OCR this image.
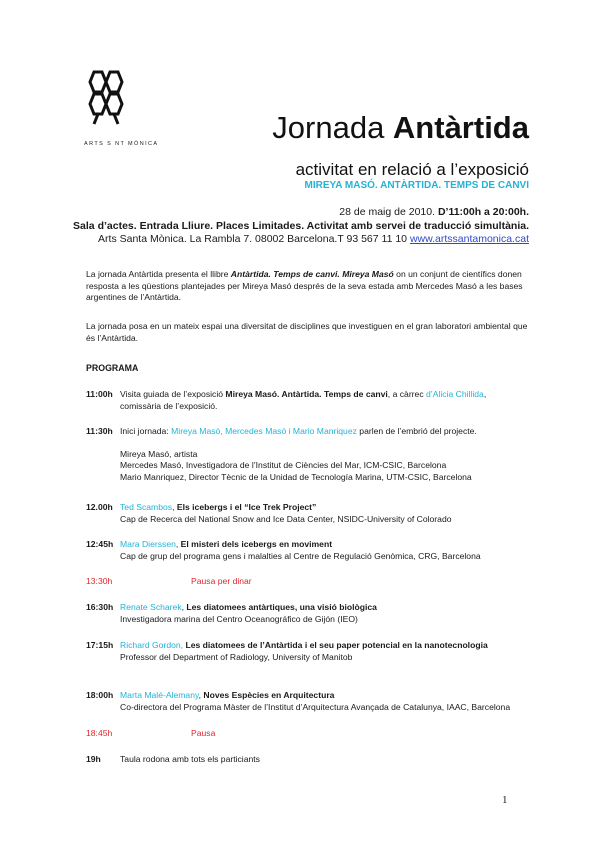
ARTS S NT MÒNICA	Jornada Antàrtida
activitat en relació a l’exposició
MIREYA MASÓ. ANTÀRTIDA. TEMPS DE CANVI
28 de maig de 2010. D’11:00h a 20:00h.
Sala d’actes. Entrada Lliure. Places Limitades. Activitat amb servei de traducció simultània.
Arts Santa Mònica. La Rambla 7. 08002 Barcelona.T 93 567 11 10 www.artssantamonica.cat
La jornada Antàrtida presenta el llibre Antàrtida. Temps de canvi. Mireya Masó on un conjunt de científics donen resposta a les qüestions plantejades per Mireya Masó després de la seva estada amb Mercedes Masó a les bases argentines de l’Antàrtida.
La jornada posa en un mateix espai una diversitat de disciplines que investiguen en el gran laboratori ambiental que és l’Antàrtida.
PROGRAMA
11:00h Visita guiada de l’exposició Mireya Masó. Antàrtida. Temps de canvi, a càrrec d’Alicia Chillida,
comissària de l’exposició.
11:30h Inici jornada: Mireya Masó, Mercedes Masó i Mario Manriquez parlen de l’embrió del projecte.
Mireya Masó, artista
Mercedes Masó, Investigadora de l’Institut de Ciències del Mar, ICM-CSIC, Barcelona
Mario Manriquez, Director Tècnic de la Unidad de Tecnología Marina, UTM-CSIC, Barcelona
12.00h Ted Scambos, Els icebergs i el “Ice Trek Project”
Cap de Recerca del National Snow and Ice Data Center, NSIDC-University of Colorado
12:45h Mara Dierssen, El misteri dels icebergs en moviment
Cap de grup del programa gens i malalties al Centre de Regulació Genòmica, CRG, Barcelona
13:30h	Pausa per dinar
16:30h Renate Scharek, Les diatomees antàrtiques, una visió biològica
Investigadora marina del Centro Oceanográfico de Gijón (IEO)
17:15h Richard Gordon, Les diatomees de l’Antàrtida i el seu paper potencial en la nanotecnologia
Professor del Department of Radiology, University of Manitob
18:00h Marta Malé-Alemany, Noves Espècies en Arquitectura
Co-directora del Programa Màster de l’Institut d’Arquitectura Avançada de Catalunya, IAAC, Barcelona
18:45h	Pausa
19h Taula rodona amb tots els particiants
1
